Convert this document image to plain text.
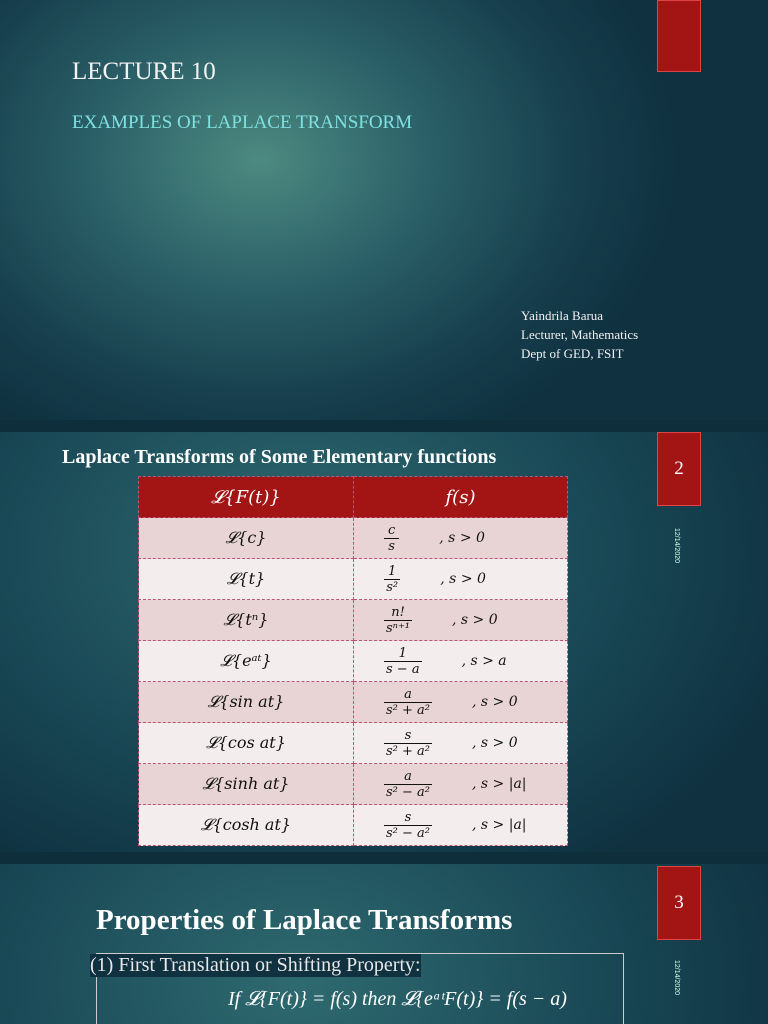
LECTURE 10
EXAMPLES OF LAPLACE TRANSFORM
Yaindrila Barua
Lecturer, Mathematics
Dept of GED, FSIT
Laplace Transforms of Some Elementary functions
2
12/14/2020
𝓛{F(t)}	f(s)
𝓛{c}	$\frac{c}{s}$ , s > 0
𝓛{t}	$\frac{1}{\text{s²}}$ , s > 0
𝓛{tⁿ}	$\frac{n!}{\text{sⁿ⁺¹}}$ , s > 0
𝓛{eᵃᵗ}	$\frac{1}{s - a}$ , s > a
𝓛{sin at}	$\frac{a}{\text{s² + a²}}$ , s > 0
𝓛{cos at}	$\frac{s}{\text{s² + a²}}$ , s > 0
𝓛{sinh at}	$\frac{a}{\text{s² − a²}}$ , s > |a|
𝓛{cosh at}	$\frac{s}{\text{s² − a²}}$ , s > |a|
3
12/14/2020
Properties of Laplace Transforms
(1) First Translation or Shifting Property:
If 𝓛{F(t)} = f(s) then 𝓛{eᵃᵗF(t)} = f(s − a)
